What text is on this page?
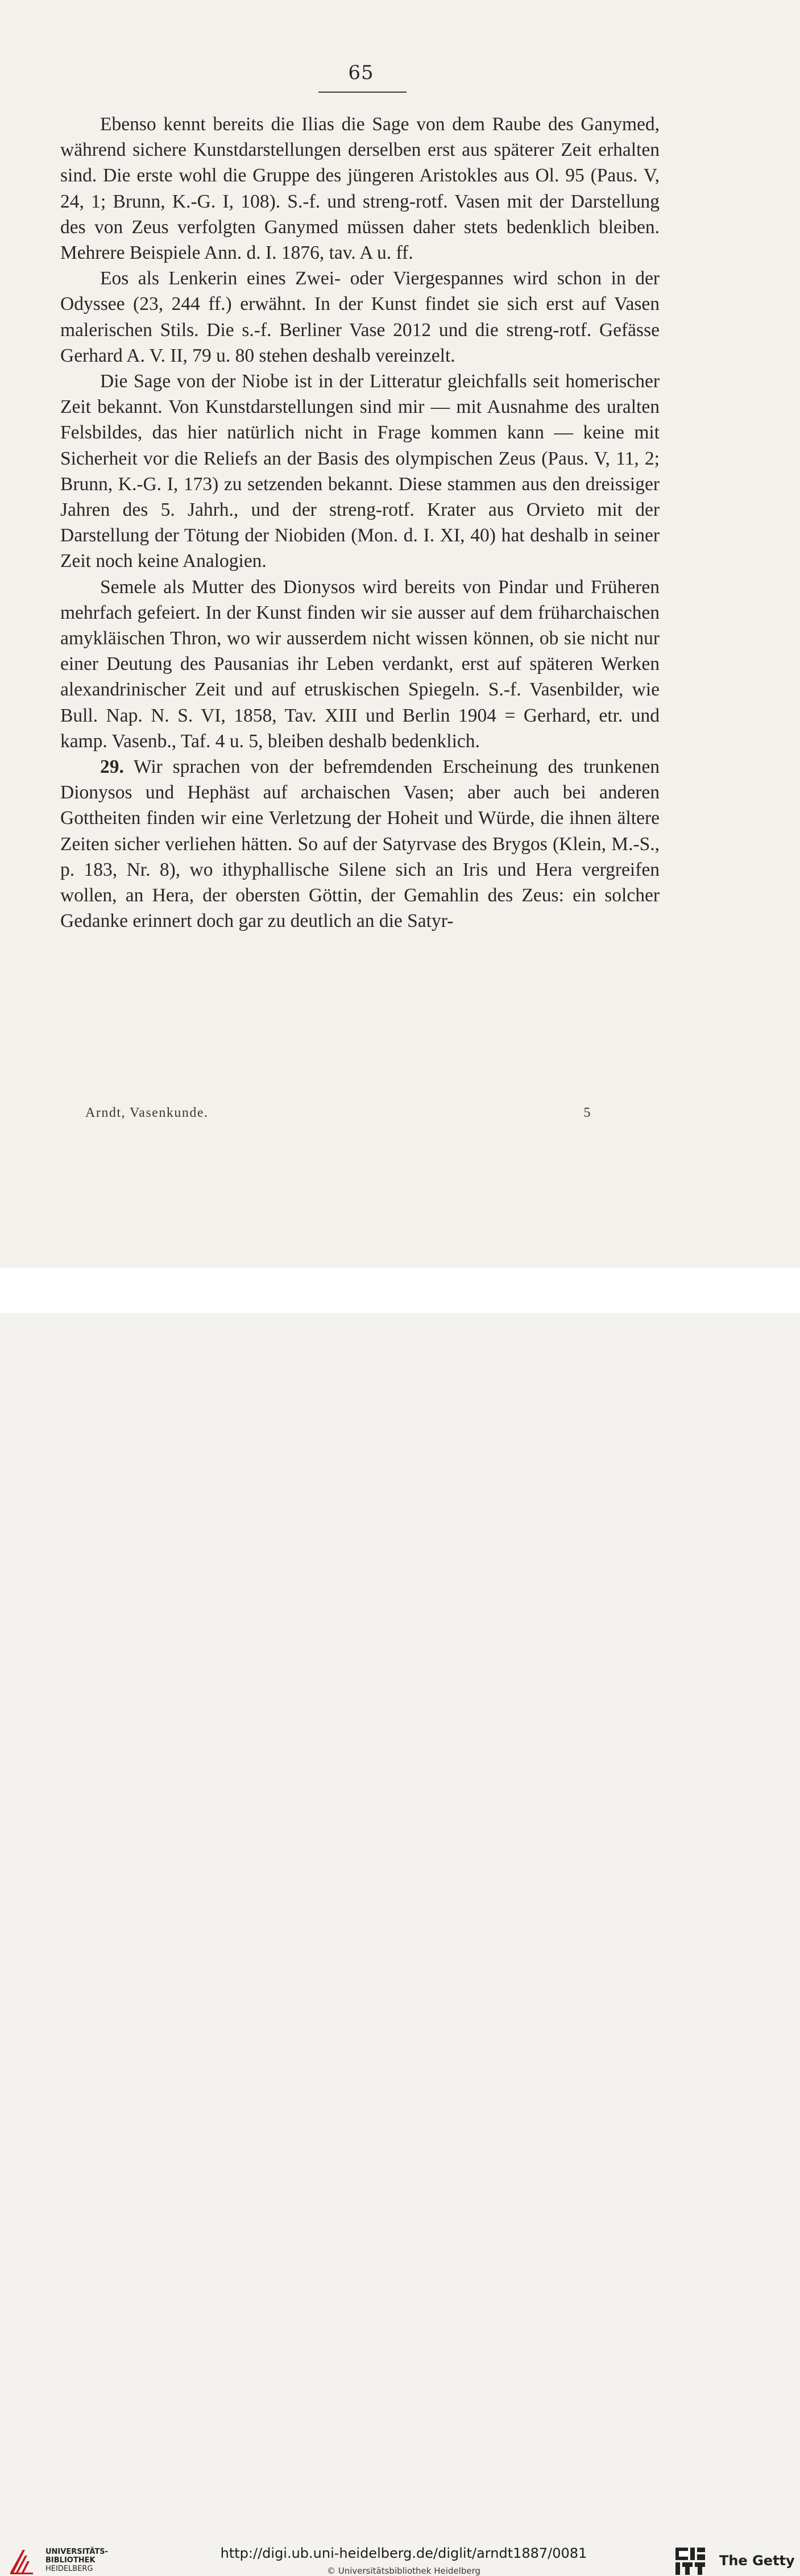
65

Ebenso kennt bereits die Ilias die Sage von dem Raube des Ganymed, während sichere Kunstdarstellungen derselben erst aus späterer Zeit erhalten sind. Die erste wohl die Gruppe des jüngeren Aristokles aus Ol. 95 (Paus. V, 24, 1; Brunn, K.-G. I, 108). S.-f. und streng-rotf. Vasen mit der Darstellung des von Zeus verfolgten Ganymed müssen daher stets bedenklich bleiben. Mehrere Beispiele Ann. d. I. 1876, tav. A u. ff.

Eos als Lenkerin eines Zwei- oder Viergespannes wird schon in der Odyssee (23, 244 ff.) erwähnt. In der Kunst findet sie sich erst auf Vasen malerischen Stils. Die s.-f. Berliner Vase 2012 und die streng-rotf. Gefässe Gerhard A. V. II, 79 u. 80 stehen deshalb vereinzelt.

Die Sage von der Niobe ist in der Litteratur gleichfalls seit homerischer Zeit bekannt. Von Kunstdarstellungen sind mir — mit Ausnahme des uralten Felsbildes, das hier natürlich nicht in Frage kommen kann — keine mit Sicherheit vor die Reliefs an der Basis des olympischen Zeus (Paus. V, 11, 2; Brunn, K.-G. I, 173) zu setzenden bekannt. Diese stammen aus den dreissiger Jahren des 5. Jahrh., und der streng-rotf. Krater aus Orvieto mit der Darstellung der Tötung der Niobiden (Mon. d. I. XI, 40) hat deshalb in seiner Zeit noch keine Analogien.

Semele als Mutter des Dionysos wird bereits von Pindar und Früheren mehrfach gefeiert. In der Kunst finden wir sie ausser auf dem früharchaischen amykläischen Thron, wo wir ausserdem nicht wissen können, ob sie nicht nur einer Deutung des Pausanias ihr Leben verdankt, erst auf späteren Werken alexandrinischer Zeit und auf etruskischen Spiegeln. S.-f. Vasenbilder, wie Bull. Nap. N. S. VI, 1858, Tav. XIII und Berlin 1904 = Gerhard, etr. und kamp. Vasenb., Taf. 4 u. 5, bleiben deshalb bedenklich.

29. Wir sprachen von der befremdenden Erscheinung des trunkenen Dionysos und Hephäst auf archaischen Vasen; aber auch bei anderen Gottheiten finden wir eine Verletzung der Hoheit und Würde, die ihnen ältere Zeiten sicher verliehen hätten. So auf der Satyrvase des Brygos (Klein, M.-S., p. 183, Nr. 8), wo ithyphallische Silene sich an Iris und Hera vergreifen wollen, an Hera, der obersten Göttin, der Gemahlin des Zeus: ein solcher Gedanke erinnert doch gar zu deutlich an die Satyr-

Arndt, Vasenkunde.	5
UNIVERSITÄTS-
BIBLIOTHEK
HEIDELBERG
http://digi.ub.uni-heidelberg.de/diglit/arndt1887/0081
© Universitätsbibliothek Heidelberg
The Getty
